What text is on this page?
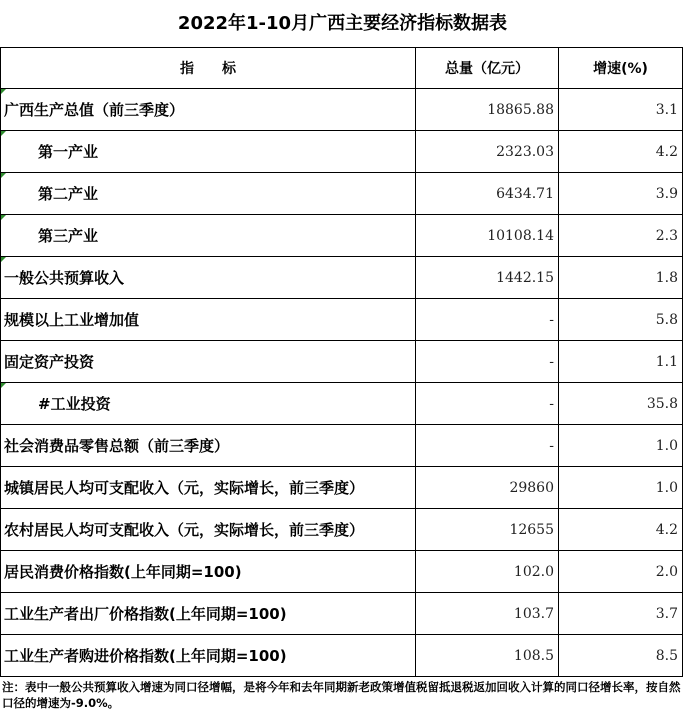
2022年1-10月广西主要经济指标数据表
指　　标	总量（亿元）	增速(%)

广西生产总值（前三季度）	18865.88	3.1

第一产业	2323.03	4.2

第二产业	6434.71	3.9

第三产业	10108.14	2.3

一般公共预算收入	1442.15	1.8
规模以上工业增加值	-	5.8
固定资产投资	-	1.1

#工业投资	-	35.8
社会消费品零售总额（前三季度）	-	1.0
城镇居民人均可支配收入（元，实际增长，前三季度）	29860	1.0
农村居民人均可支配收入（元，实际增长，前三季度）	12655	4.2
居民消费价格指数(上年同期=100)	102.0	2.0
工业生产者出厂价格指数(上年同期=100)	103.7	3.7
工业生产者购进价格指数(上年同期=100)	108.5	8.5
注：表中一般公共预算收入增速为同口径增幅，是将今年和去年同期新老政策增值税留抵退税返加回收入计算的同口径增长率，按自然口径的增速为-9.0%。
